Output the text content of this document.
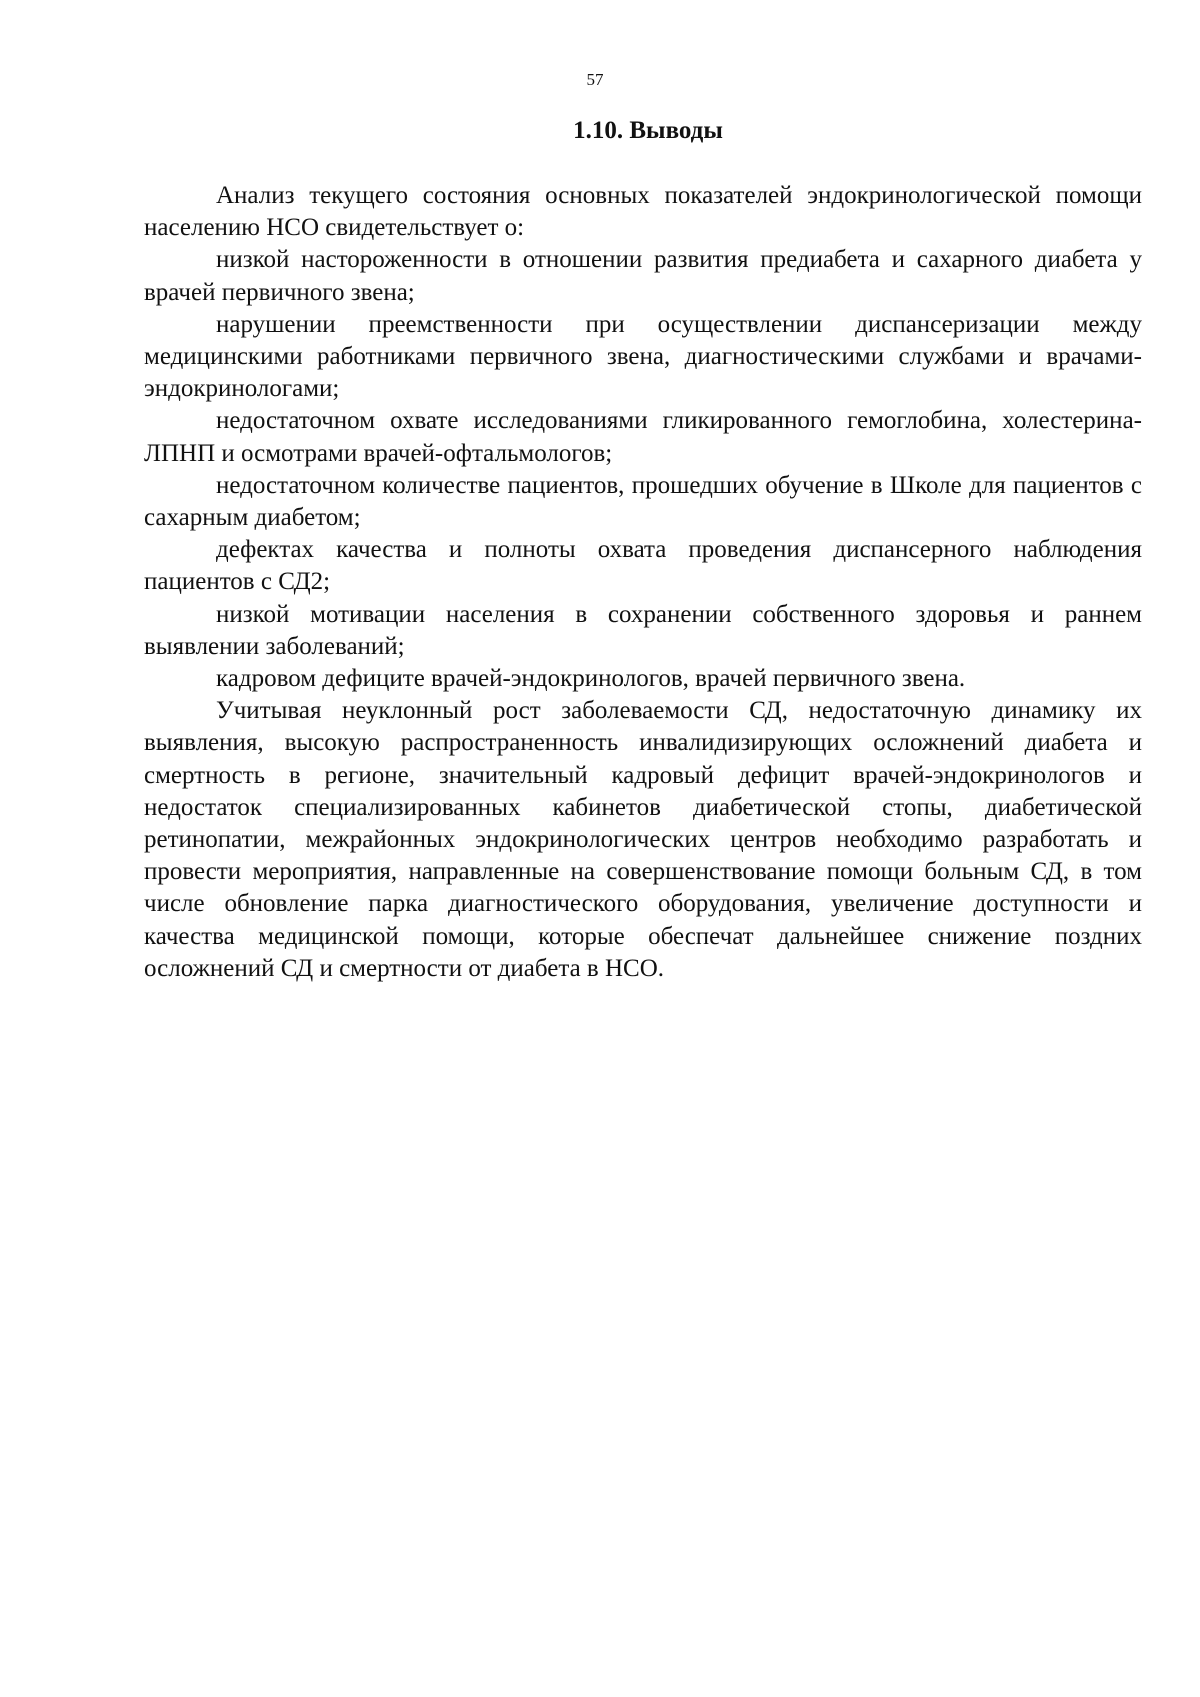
57
1.10. Выводы

Анализ текущего состояния основных показателей эндокринологической помощи населению НСО свидетельствует о:

низкой настороженности в отношении развития предиабета и сахарного диабета у врачей первичного звена;

нарушении преемственности при осуществлении диспансеризации между медицинскими работниками первичного звена, диагностическими службами и врачами-эндокринологами;

недостаточном охвате исследованиями гликированного гемоглобина, холестерина-ЛПНП и осмотрами врачей-офтальмологов;

недостаточном количестве пациентов, прошедших обучение в Школе для пациентов с сахарным диабетом;

дефектах качества и полноты охвата проведения диспансерного наблюдения пациентов с СД2;

низкой мотивации населения в сохранении собственного здоровья и раннем выявлении заболеваний;

кадровом дефиците врачей-эндокринологов, врачей первичного звена.

Учитывая неуклонный рост заболеваемости СД, недостаточную динамику их выявления, высокую распространенность инвалидизирующих осложнений диабета и смертность в регионе, значительный кадровый дефицит врачей-эндокринологов и недостаток специализированных кабинетов диабетической стопы, диабетической ретинопатии, межрайонных эндокринологических центров необходимо разработать и провести мероприятия, направленные на совершенствование помощи больным СД, в том числе обновление парка диагностического оборудования, увеличение доступности и качества медицинской помощи, которые обеспечат дальнейшее снижение поздних осложнений СД и смертности от диабета в НСО.
